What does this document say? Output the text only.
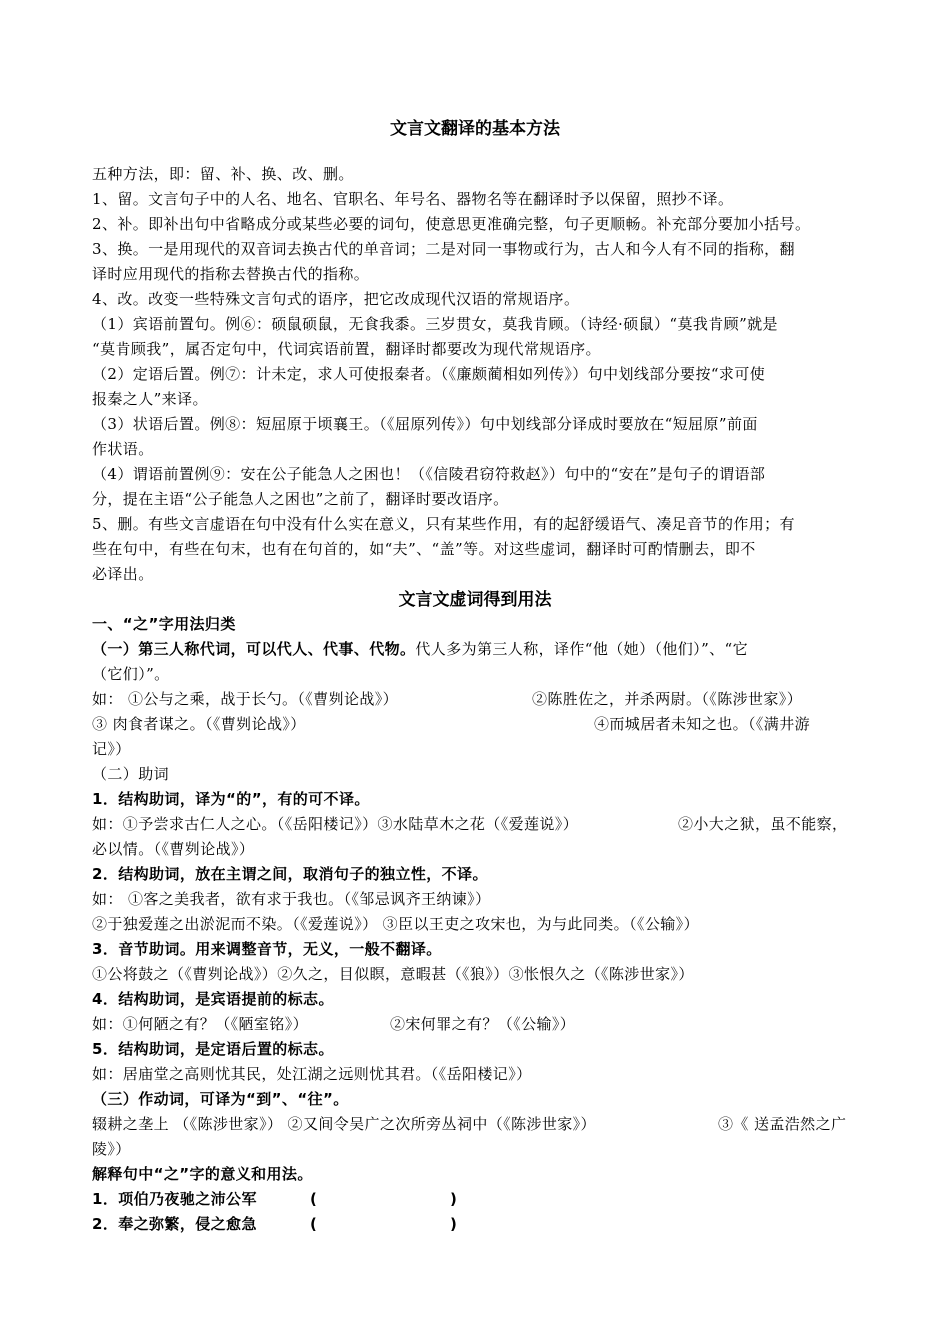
文言文翻译的基本方法
五种方法，即：留、补、换、改、删。
1、留。文言句子中的人名、地名、官职名、年号名、器物名等在翻译时予以保留，照抄不译。
2、补。即补出句中省略成分或某些必要的词句，使意思更准确完整，句子更顺畅。补充部分要加小括号。
3、换。一是用现代的双音词去换古代的单音词；二是对同一事物或行为，古人和今人有不同的指称，翻
译时应用现代的指称去替换古代的指称。
4、改。改变一些特殊文言句式的语序，把它改成现代汉语的常规语序。
（1）宾语前置句。例⑥：硕鼠硕鼠，无食我黍。三岁贯女，莫我肯顾。（诗经·硕鼠）“莫我肯顾”就是
“莫肯顾我”，属否定句中，代词宾语前置，翻译时都要改为现代常规语序。
（2）定语后置。例⑦：计未定，求人可使报秦者。（《廉颇蔺相如列传》）句中划线部分要按“求可使
报秦之人”来译。
（3）状语后置。例⑧：短屈原于顷襄王。（《屈原列传》）句中划线部分译成时要放在“短屈原”前面
作状语。
（4）谓语前置例⑨：安在公子能急人之困也！（《信陵君窃符救赵》）句中的“安在”是句子的谓语部
分，提在主语“公子能急人之困也”之前了，翻译时要改语序。
5、删。有些文言虚语在句中没有什么实在意义，只有某些作用，有的起舒缓语气、凑足音节的作用；有
些在句中，有些在句末，也有在句首的，如“夫”、“盖”等。对这些虚词，翻译时可酌情删去，即不
必译出。
文言文虚词得到用法
一、“之”字用法归类
（一）第三人称代词，可以代人、代事、代物。代人多为第三人称，译作“他（她）（他们）”、“它
（它们）”。
如： ①公与之乘，战于长勺。（《曹刿论战》）	②陈胜佐之，并杀两尉。（《陈涉世家》）
③ 肉食者谋之。（《曹刿论战》）	④而城居者未知之也。（《满井游
记》）
（二）助词
1．结构助词，译为“的”，有的可不译。
如：①予尝求古仁人之心。（《岳阳楼记》）③水陆草木之花（《爱莲说》）	②小大之狱，虽不能察，
必以情。（《曹刿论战》）
2．结构助词，放在主谓之间，取消句子的独立性，不译。
如： ①客之美我者，欲有求于我也。（《邹忌讽齐王纳谏》）
②于独爱莲之出淤泥而不染。（《爱莲说》） ③臣以王吏之攻宋也，为与此同类。（《公输》）
3．音节助词。用来调整音节，无义，一般不翻译。
①公将鼓之（《曹刿论战》）②久之，目似瞑，意暇甚（《狼》）③怅恨久之（《陈涉世家》）
4．结构助词，是宾语提前的标志。
如：①何陋之有？（《陋室铭》）	②宋何罪之有？（《公输》）
5．结构助词，是定语后置的标志。
如：居庙堂之高则忧其民，处江湖之远则忧其君。（《岳阳楼记》）
（三）作动词，可译为“到”、“往”。
辍耕之垄上 （《陈涉世家》） ②又间令吴广之次所旁丛祠中（《陈涉世家》）	③《 送孟浩然之广
陵》）
解释句中“之”字的意义和用法。
1．项伯乃夜驰之沛公军	(	)
2．奉之弥繁，侵之愈急	(	)
